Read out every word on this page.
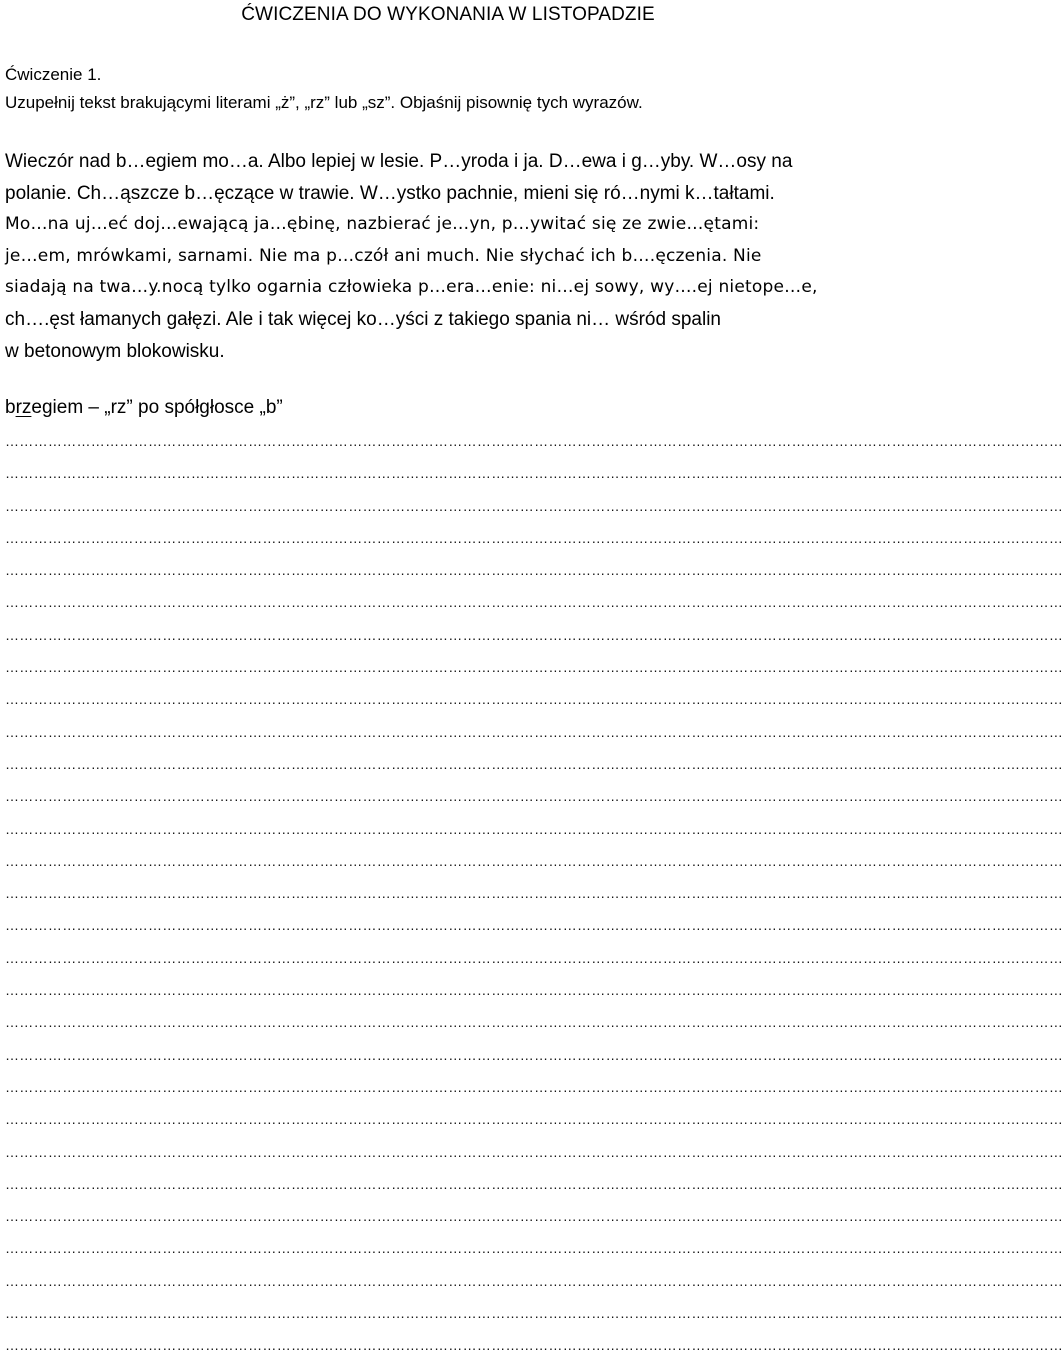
ĆWICZENIA DO WYKONANIA W LISTOPADZIE
Ćwiczenie 1.
Uzupełnij tekst brakującymi literami „ż”, „rz” lub „sz”. Objaśnij pisownię tych wyrazów.
Wieczór nad b…egiem mo…a. Albo lepiej w lesie. P…yroda i ja. D…ewa i g…yby. W…osy na
polanie. Ch…ąszcze b…ęczące w trawie. W…ystko pachnie, mieni się ró…nymi k…tałtami.
Mo…na uj…eć doj…ewającą ja…ębinę, nazbierać je…yn, p…ywitać się ze zwie…ętami:
je…em, mrówkami, sarnami. Nie ma p…czół ani much. Nie słychać ich b….ęczenia. Nie
siadają na twa…y.nocą tylko ogarnia człowieka p…era…enie: ni…ej sowy, wy….ej nietope…e,
ch….ęst łamanych gałęzi. Ale i tak więcej ko…yści z takiego spania ni… wśród spalin
w betonowym blokowisku.
brzegiem – „rz” po spółgłosce „b”
……………………………………………………………………………………………………………………………………………………………………………………………………
……………………………………………………………………………………………………………………………………………………………………………………………………
……………………………………………………………………………………………………………………………………………………………………………………………………
……………………………………………………………………………………………………………………………………………………………………………………………………
……………………………………………………………………………………………………………………………………………………………………………………………………
……………………………………………………………………………………………………………………………………………………………………………………………………
……………………………………………………………………………………………………………………………………………………………………………………………………
……………………………………………………………………………………………………………………………………………………………………………………………………
……………………………………………………………………………………………………………………………………………………………………………………………………
……………………………………………………………………………………………………………………………………………………………………………………………………
……………………………………………………………………………………………………………………………………………………………………………………………………
……………………………………………………………………………………………………………………………………………………………………………………………………
……………………………………………………………………………………………………………………………………………………………………………………………………
……………………………………………………………………………………………………………………………………………………………………………………………………
……………………………………………………………………………………………………………………………………………………………………………………………………
……………………………………………………………………………………………………………………………………………………………………………………………………
……………………………………………………………………………………………………………………………………………………………………………………………………
……………………………………………………………………………………………………………………………………………………………………………………………………
……………………………………………………………………………………………………………………………………………………………………………………………………
……………………………………………………………………………………………………………………………………………………………………………………………………
……………………………………………………………………………………………………………………………………………………………………………………………………
……………………………………………………………………………………………………………………………………………………………………………………………………
……………………………………………………………………………………………………………………………………………………………………………………………………
……………………………………………………………………………………………………………………………………………………………………………………………………
……………………………………………………………………………………………………………………………………………………………………………………………………
……………………………………………………………………………………………………………………………………………………………………………………………………
……………………………………………………………………………………………………………………………………………………………………………………………………
……………………………………………………………………………………………………………………………………………………………………………………………………
……………………………………………………………………………………………………………………………………………………………………………………………………
